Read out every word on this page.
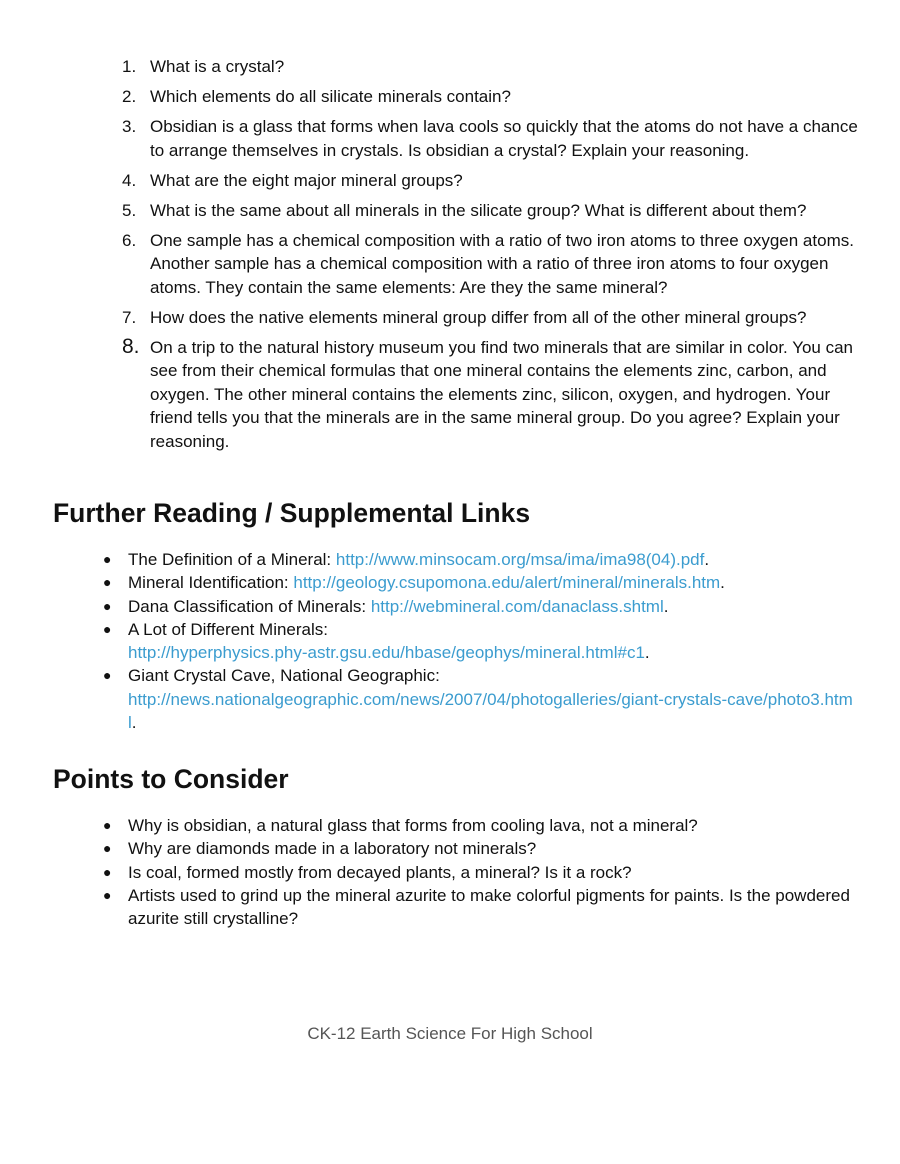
1. What is a crystal?
2. Which elements do all silicate minerals contain?
3. Obsidian is a glass that forms when lava cools so quickly that the atoms do not have a chance to arrange themselves in crystals. Is obsidian a crystal? Explain your reasoning.
4. What are the eight major mineral groups?
5. What is the same about all minerals in the silicate group? What is different about them?
6. One sample has a chemical composition with a ratio of two iron atoms to three oxygen atoms. Another sample has a chemical composition with a ratio of three iron atoms to four oxygen atoms. They contain the same elements: Are they the same mineral?
7. How does the native elements mineral group differ from all of the other mineral groups?
8. On a trip to the natural history museum you find two minerals that are similar in color. You can see from their chemical formulas that one mineral contains the elements zinc, carbon, and oxygen. The other mineral contains the elements zinc, silicon, oxygen, and hydrogen. Your friend tells you that the minerals are in the same mineral group. Do you agree? Explain your reasoning.
Further Reading / Supplemental Links
● The Definition of a Mineral: http://www.minsocam.org/msa/ima/ima98(04).pdf.
● Mineral Identification: http://geology.csupomona.edu/alert/mineral/minerals.htm.
● Dana Classification of Minerals: http://webmineral.com/danaclass.shtml.
● A Lot of Different Minerals:
http://hyperphysics.phy-astr.gsu.edu/hbase/geophys/mineral.html#c1.
● Giant Crystal Cave, National Geographic:
http://news.nationalgeographic.com/news/2007/04/photogalleries/giant-crystals-cave/photo3.html.
Points to Consider
● Why is obsidian, a natural glass that forms from cooling lava, not a mineral?
● Why are diamonds made in a laboratory not minerals?
● Is coal, formed mostly from decayed plants, a mineral? Is it a rock?
● Artists used to grind up the mineral azurite to make colorful pigments for paints. Is the powdered azurite still crystalline?
CK-12 Earth Science For High School
